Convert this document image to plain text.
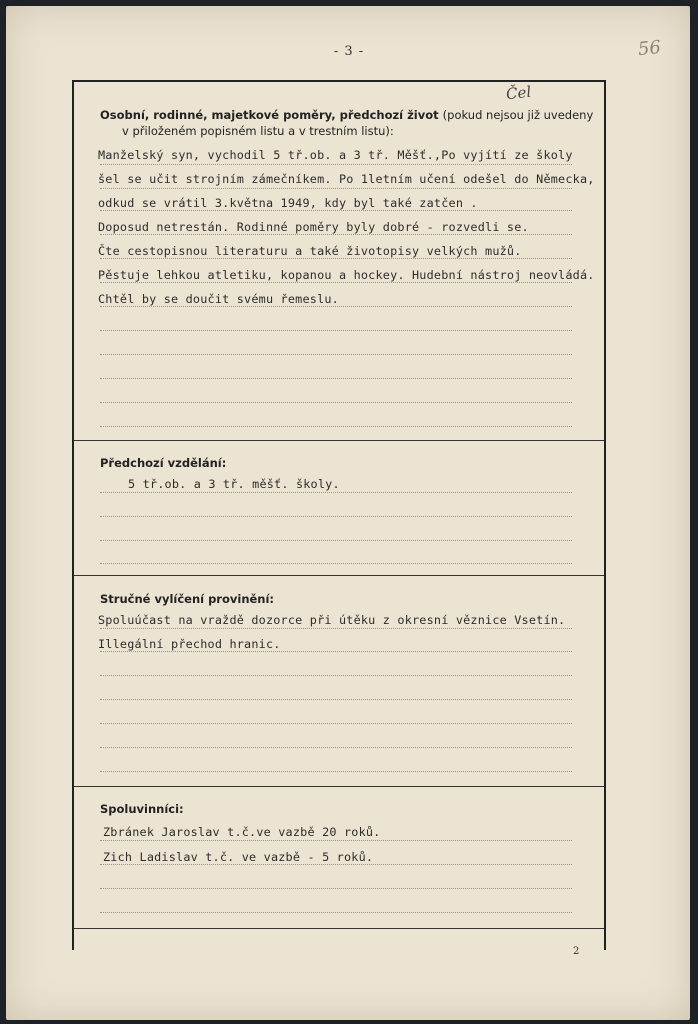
- 3 -	56
Čel
Osobní, rodinné, majetkové poměry, předchozí život (pokud nejsou již uvedeny
v přiloženém popisném listu a v trestním listu):
Manželský syn, vychodil 5 tř.ob. a 3 tř. Měšť.,Po vyjítí ze školy
šel se učit strojním zámečníkem. Po 1letním učení odešel do Německa,
odkud se vrátil 3.května 1949, kdy byl také zatčen .
Doposud netrestán. Rodinné poměry byly dobré - rozvedli se.
Čte cestopisnou literaturu a také životopisy velkých mužů.
Pěstuje lehkou atletiku, kopanou a hockey. Hudební nástroj neovládá.
Chtěl by se doučit svému řemeslu.
Předchozí vzdělání:
5 tř.ob. a 3 tř. měšť. školy.
Stručné vylíčení provinění:
Spoluúčast na vraždě dozorce při útěku z okresní věznice Vsetín.
Illegální přechod hranic.
Spoluvinníci:
Zbránek Jaroslav t.č.ve vazbě 20 roků.
Zich Ladislav t.č. ve vazbě - 5 roků.
2
